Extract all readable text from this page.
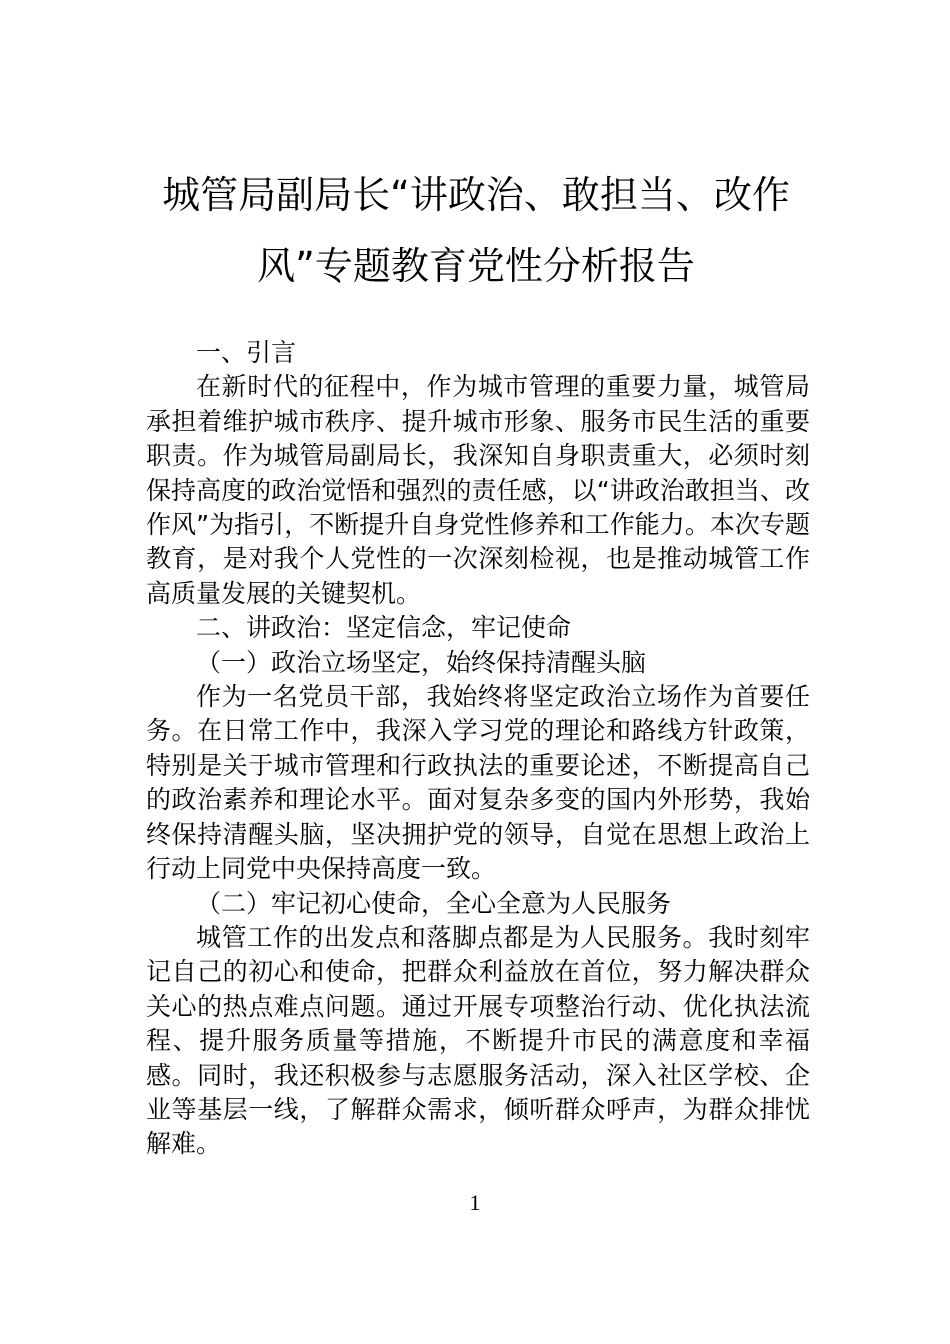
城管局副局长“讲政治、敢担当、改作
风”专题教育党性分析报告

一、引言

在新时代的征程中，作为城市管理的重要力量，城管局承担着维护城市秩序、提升城市形象、服务市民生活的重要职责。作为城管局副局长，我深知自身职责重大，必须时刻保持高度的政治觉悟和强烈的责任感，以“讲政治敢担当、改作风”为指引，不断提升自身党性修养和工作能力。本次专题教育，是对我个人党性的一次深刻检视，也是推动城管工作高质量发展的关键契机。

二、讲政治：坚定信念，牢记使命

（一）政治立场坚定，始终保持清醒头脑

作为一名党员干部，我始终将坚定政治立场作为首要任务。在日常工作中，我深入学习党的理论和路线方针政策，特别是关于城市管理和行政执法的重要论述，不断提高自己的政治素养和理论水平。面对复杂多变的国内外形势，我始终保持清醒头脑，坚决拥护党的领导，自觉在思想上政治上行动上同党中央保持高度一致。

（二）牢记初心使命，全心全意为人民服务

城管工作的出发点和落脚点都是为人民服务。我时刻牢记自己的初心和使命，把群众利益放在首位，努力解决群众关心的热点难点问题。通过开展专项整治行动、优化执法流程、提升服务质量等措施，不断提升市民的满意度和幸福感。同时，我还积极参与志愿服务活动，深入社区学校、企业等基层一线，了解群众需求，倾听群众呼声，为群众排忧解难。

1
